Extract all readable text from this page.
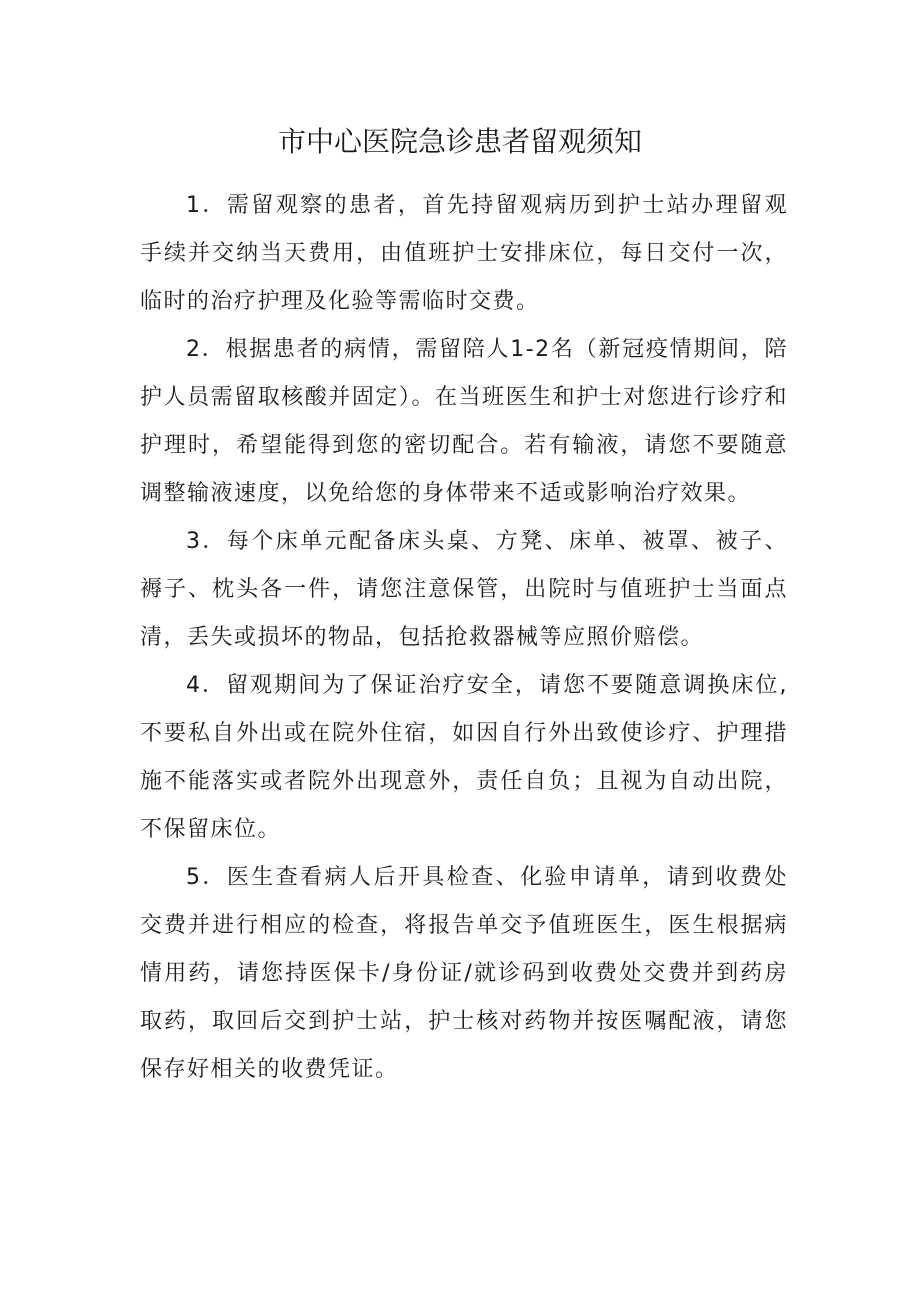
市中心医院急诊患者留观须知

1．需留观察的患者，首先持留观病历到护士站办理留观手续并交纳当天费用，由值班护士安排床位，每日交付一次，临时的治疗护理及化验等需临时交费。

2．根据患者的病情，需留陪人1-2名（新冠疫情期间，陪护人员需留取核酸并固定）。在当班医生和护士对您进行诊疗和护理时，希望能得到您的密切配合。若有输液，请您不要随意调整输液速度，以免给您的身体带来不适或影响治疗效果。

3．每个床单元配备床头桌、方凳、床单、被罩、被子、褥子、枕头各一件，请您注意保管，出院时与值班护士当面点清，丢失或损坏的物品，包括抢救器械等应照价赔偿。

4．留观期间为了保证治疗安全，请您不要随意调换床位,不要私自外出或在院外住宿，如因自行外出致使诊疗、护理措施不能落实或者院外出现意外，责任自负；且视为自动出院，不保留床位。

5．医生查看病人后开具检查、化验申请单，请到收费处交费并进行相应的检查，将报告单交予值班医生，医生根据病情用药，请您持医保卡/身份证/就诊码到收费处交费并到药房取药，取回后交到护士站，护士核对药物并按医嘱配液，请您保存好相关的收费凭证。
